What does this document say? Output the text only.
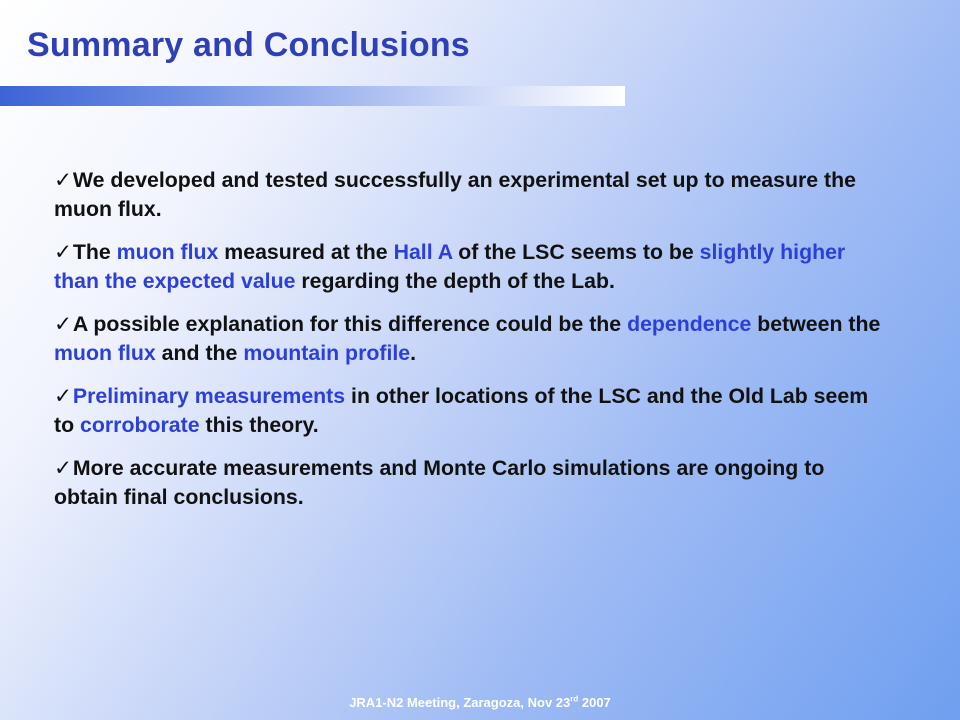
Summary and Conclusions

✓We developed and tested successfully an experimental set up to measure the muon flux.

✓The muon flux measured at the Hall A of the LSC seems to be slightly higher than the expected value regarding the depth of the Lab.

✓A possible explanation for this difference could be the dependence between the muon flux and the mountain profile.

✓Preliminary measurements in other locations of the LSC and the Old Lab seem to corroborate this theory.

✓More accurate measurements and Monte Carlo simulations are ongoing to obtain final conclusions.

JRA1-N2 Meeting, Zaragoza, Nov 23rd 2007
